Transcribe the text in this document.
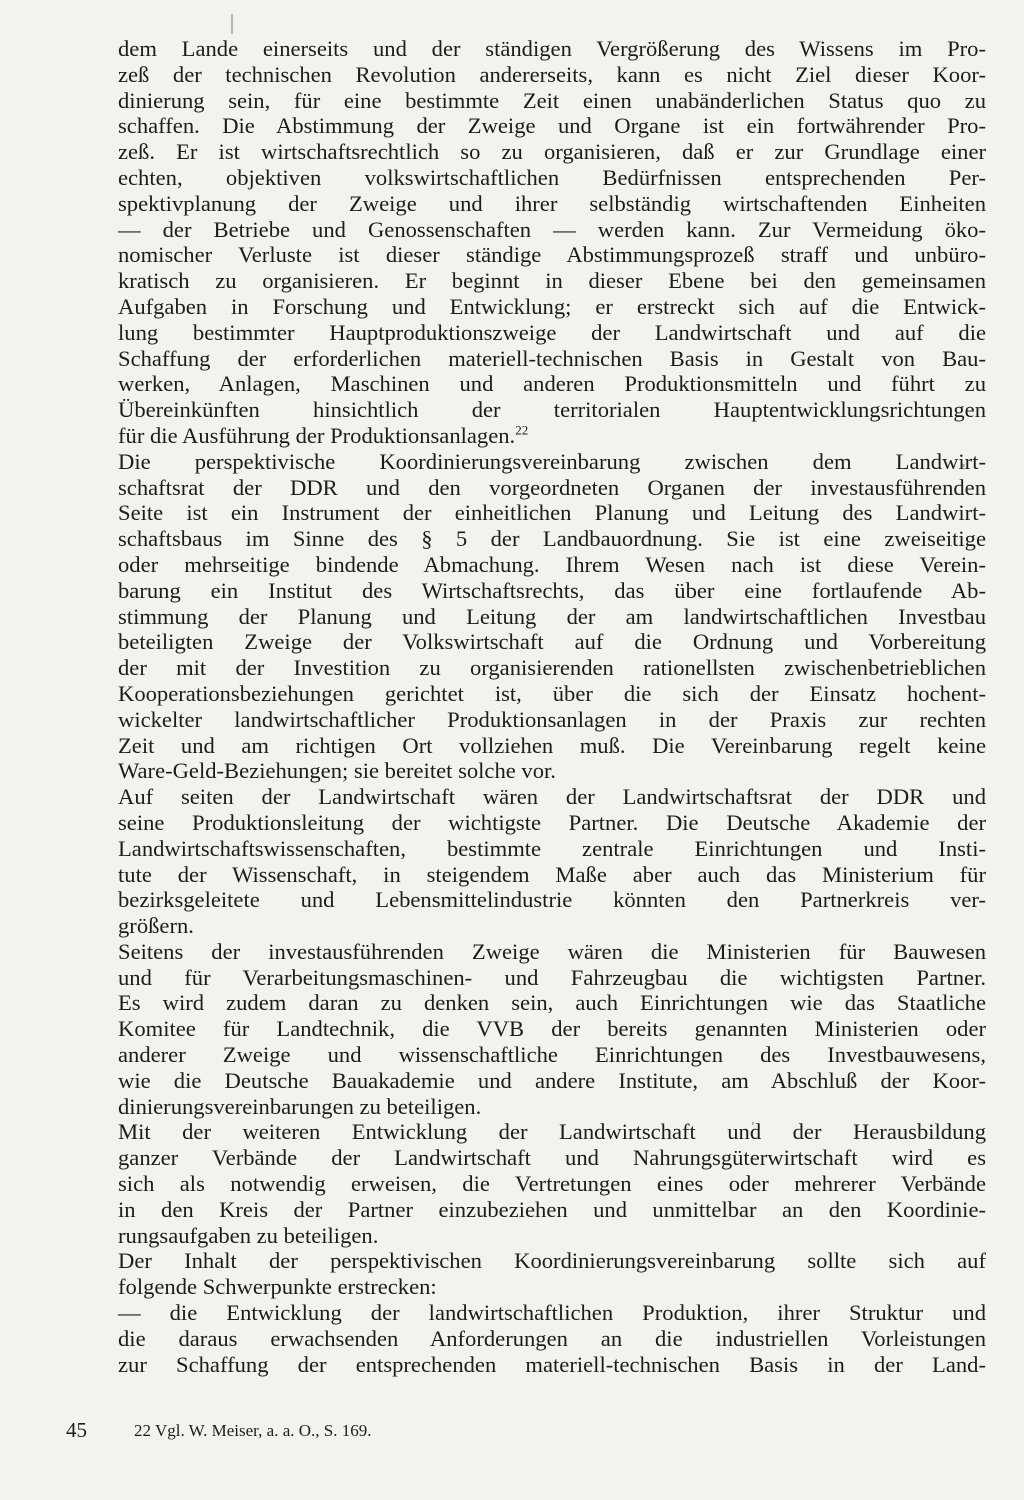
dem Lande einerseits und der ständigen Vergrößerung des Wissens im Pro-
zeß der technischen Revolution andererseits, kann es nicht Ziel dieser Koor-
dinierung sein, für eine bestimmte Zeit einen unabänderlichen Status quo zu
schaffen. Die Abstimmung der Zweige und Organe ist ein fortwährender Pro-
zeß. Er ist wirtschaftsrechtlich so zu organisieren, daß er zur Grundlage einer
echten, objektiven volkswirtschaftlichen Bedürfnissen entsprechenden Per-
spektivplanung der Zweige und ihrer selbständig wirtschaftenden Einheiten
— der Betriebe und Genossenschaften — werden kann. Zur Vermeidung öko-
nomischer Verluste ist dieser ständige Abstimmungsprozeß straff und unbüro-
kratisch zu organisieren. Er beginnt in dieser Ebene bei den gemeinsamen
Aufgaben in Forschung und Entwicklung; er erstreckt sich auf die Entwick-
lung bestimmter Hauptproduktionszweige der Landwirtschaft und auf die
Schaffung der erforderlichen materiell-technischen Basis in Gestalt von Bau-
werken, Anlagen, Maschinen und anderen Produktionsmitteln und führt zu
Übereinkünften hinsichtlich der territorialen Hauptentwicklungsrichtungen
für die Ausführung der Produktionsanlagen.$^{22}$
Die perspektivische Koordinierungsvereinbarung zwischen dem Landwirt-
schaftsrat der DDR und den vorgeordneten Organen der investausführenden
Seite ist ein Instrument der einheitlichen Planung und Leitung des Landwirt-
schaftsbaus im Sinne des § 5 der Landbauordnung. Sie ist eine zweiseitige
oder mehrseitige bindende Abmachung. Ihrem Wesen nach ist diese Verein-
barung ein Institut des Wirtschaftsrechts, das über eine fortlaufende Ab-
stimmung der Planung und Leitung der am landwirtschaftlichen Investbau
beteiligten Zweige der Volkswirtschaft auf die Ordnung und Vorbereitung
der mit der Investition zu organisierenden rationellsten zwischenbetrieblichen
Kooperationsbeziehungen gerichtet ist, über die sich der Einsatz hochent-
wickelter landwirtschaftlicher Produktionsanlagen in der Praxis zur rechten
Zeit und am richtigen Ort vollziehen muß. Die Vereinbarung regelt keine
Ware-Geld-Beziehungen; sie bereitet solche vor.
Auf seiten der Landwirtschaft wären der Landwirtschaftsrat der DDR und
seine Produktionsleitung der wichtigste Partner. Die Deutsche Akademie der
Landwirtschaftswissenschaften, bestimmte zentrale Einrichtungen und Insti-
tute der Wissenschaft, in steigendem Maße aber auch das Ministerium für
bezirksgeleitete und Lebensmittelindustrie könnten den Partnerkreis ver-
größern.
Seitens der investausführenden Zweige wären die Ministerien für Bauwesen
und für Verarbeitungsmaschinen- und Fahrzeugbau die wichtigsten Partner.
Es wird zudem daran zu denken sein, auch Einrichtungen wie das Staatliche
Komitee für Landtechnik, die VVB der bereits genannten Ministerien oder
anderer Zweige und wissenschaftliche Einrichtungen des Investbauwesens,
wie die Deutsche Bauakademie und andere Institute, am Abschluß der Koor-
dinierungsvereinbarungen zu beteiligen.
Mit der weiteren Entwicklung der Landwirtschaft und der Herausbildung
ganzer Verbände der Landwirtschaft und Nahrungsgüterwirtschaft wird es
sich als notwendig erweisen, die Vertretungen eines oder mehrerer Verbände
in den Kreis der Partner einzubeziehen und unmittelbar an den Koordinie-
rungsaufgaben zu beteiligen.
Der Inhalt der perspektivischen Koordinierungsvereinbarung sollte sich auf
folgende Schwerpunkte erstrecken:
— die Entwicklung der landwirtschaftlichen Produktion, ihrer Struktur und
die daraus erwachsenden Anforderungen an die industriellen Vorleistungen
zur Schaffung der entsprechenden materiell-technischen Basis in der Land-
45	22 Vgl. W. Meiser, a. a. O., S. 169.
